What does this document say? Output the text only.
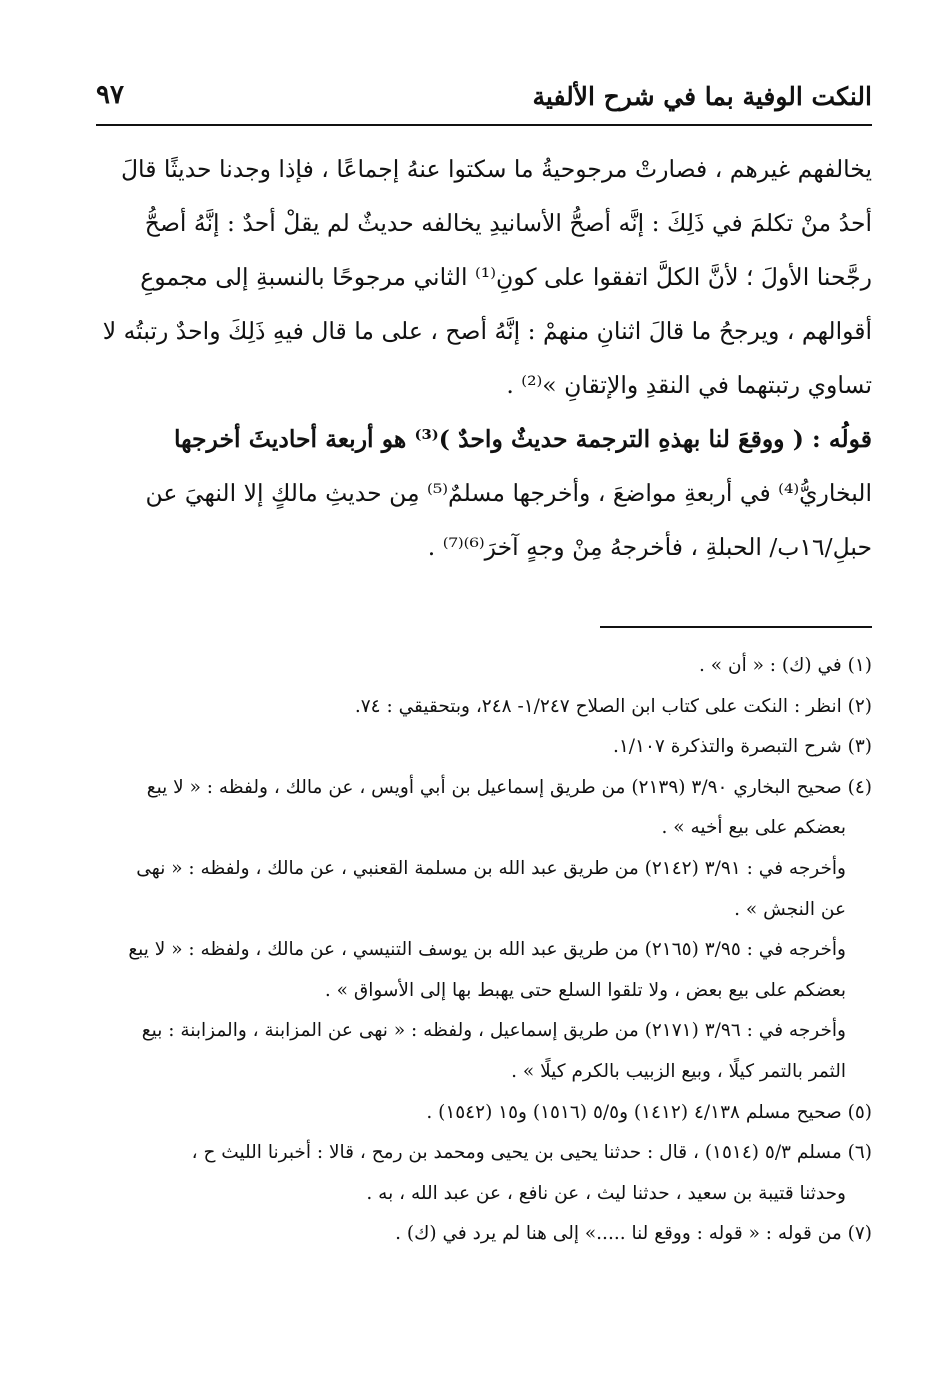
النكت الوفية بما في شرح الألفية
٩٧
يخالفهم غيرهم ، فصارتْ مرجوحيةُ ما سكتوا عنهُ إجماعًا ، فإذا وجدنا حديثًا قالَ
أحدُ منْ تكلمَ في ذَلِكَ : إنَّه أصحُّ الأسانيدِ يخالفه حديثٌ لم يقلْ أحدٌ : إنَّهُ أصحُّ
رجَّحنا الأولَ ؛ لأنَّ الكلَّ اتفقوا على كونِ⁽¹⁾ الثاني مرجوحًا بالنسبةِ إلى مجموعِ
أقوالهم ، ويرجحُ ما قالَ اثنانِ منهمْ : إنَّهُ أصح ، على ما قال فيهِ ذَلِكَ واحدٌ رتبتُه لا
تساوي رتبتهما في النقدِ والإتقانِ »⁽²⁾ .
قولُه : ( ووقعَ لنا بهذهِ الترجمة حديثٌ واحدٌ )⁽³⁾ هو أربعة أحاديثَ أخرجها
البخاريُّ⁽⁴⁾ في أربعةِ مواضعَ ، وأخرجها مسلمٌ⁽⁵⁾ مِن حديثِ مالكٍ إلا النهيَ عن
حبلِ/١٦ب/ الحبلةِ ، فأخرجهُ مِنْ وجهٍ آخرَ⁽⁶⁾⁽⁷⁾ .
(١) في (ك) : « أن » .
(٢) انظر : النكت على كتاب ابن الصلاح ١/٢٤٧- ٢٤٨، وبتحقيقي : ٧٤.
(٣) شرح التبصرة والتذكرة ١/١٠٧.
(٤) صحيح البخاري ٣/٩٠ (٢١٣٩) من طريق إسماعيل بن أبي أويس ، عن مالك ، ولفظه : « لا يبع
بعضكم على بيع أخيه » .
وأخرجه في : ٣/٩١ (٢١٤٢) من طريق عبد الله بن مسلمة القعنبي ، عن مالك ، ولفظه : « نهى
عن النجش » .
وأخرجه في : ٣/٩٥ (٢١٦٥) من طريق عبد الله بن يوسف التنيسي ، عن مالك ، ولفظه : « لا يبع
بعضكم على بيع بعض ، ولا تلقوا السلع حتى يهبط بها إلى الأسواق » .
وأخرجه في : ٣/٩٦ (٢١٧١) من طريق إسماعيل ، ولفظه : « نهى عن المزابنة ، والمزابنة : بيع
الثمر بالتمر كيلًا ، وبيع الزبيب بالكرم كيلًا » .
(٥) صحيح مسلم ٤/١٣٨ (١٤١٢) و٥/٥ (١٥١٦) و١٥ (١٥٤٢) .
(٦) مسلم ٥/٣ (١٥١٤) ، قال : حدثنا يحيى بن يحيى ومحمد بن رمح ، قالا : أخبرنا الليث ح ،
وحدثنا قتيبة بن سعيد ، حدثنا ليث ، عن نافع ، عن عبد الله ، به .
(٧) من قوله : « قوله : ووقع لنا .....» إلى هنا لم يرد في (ك) .
